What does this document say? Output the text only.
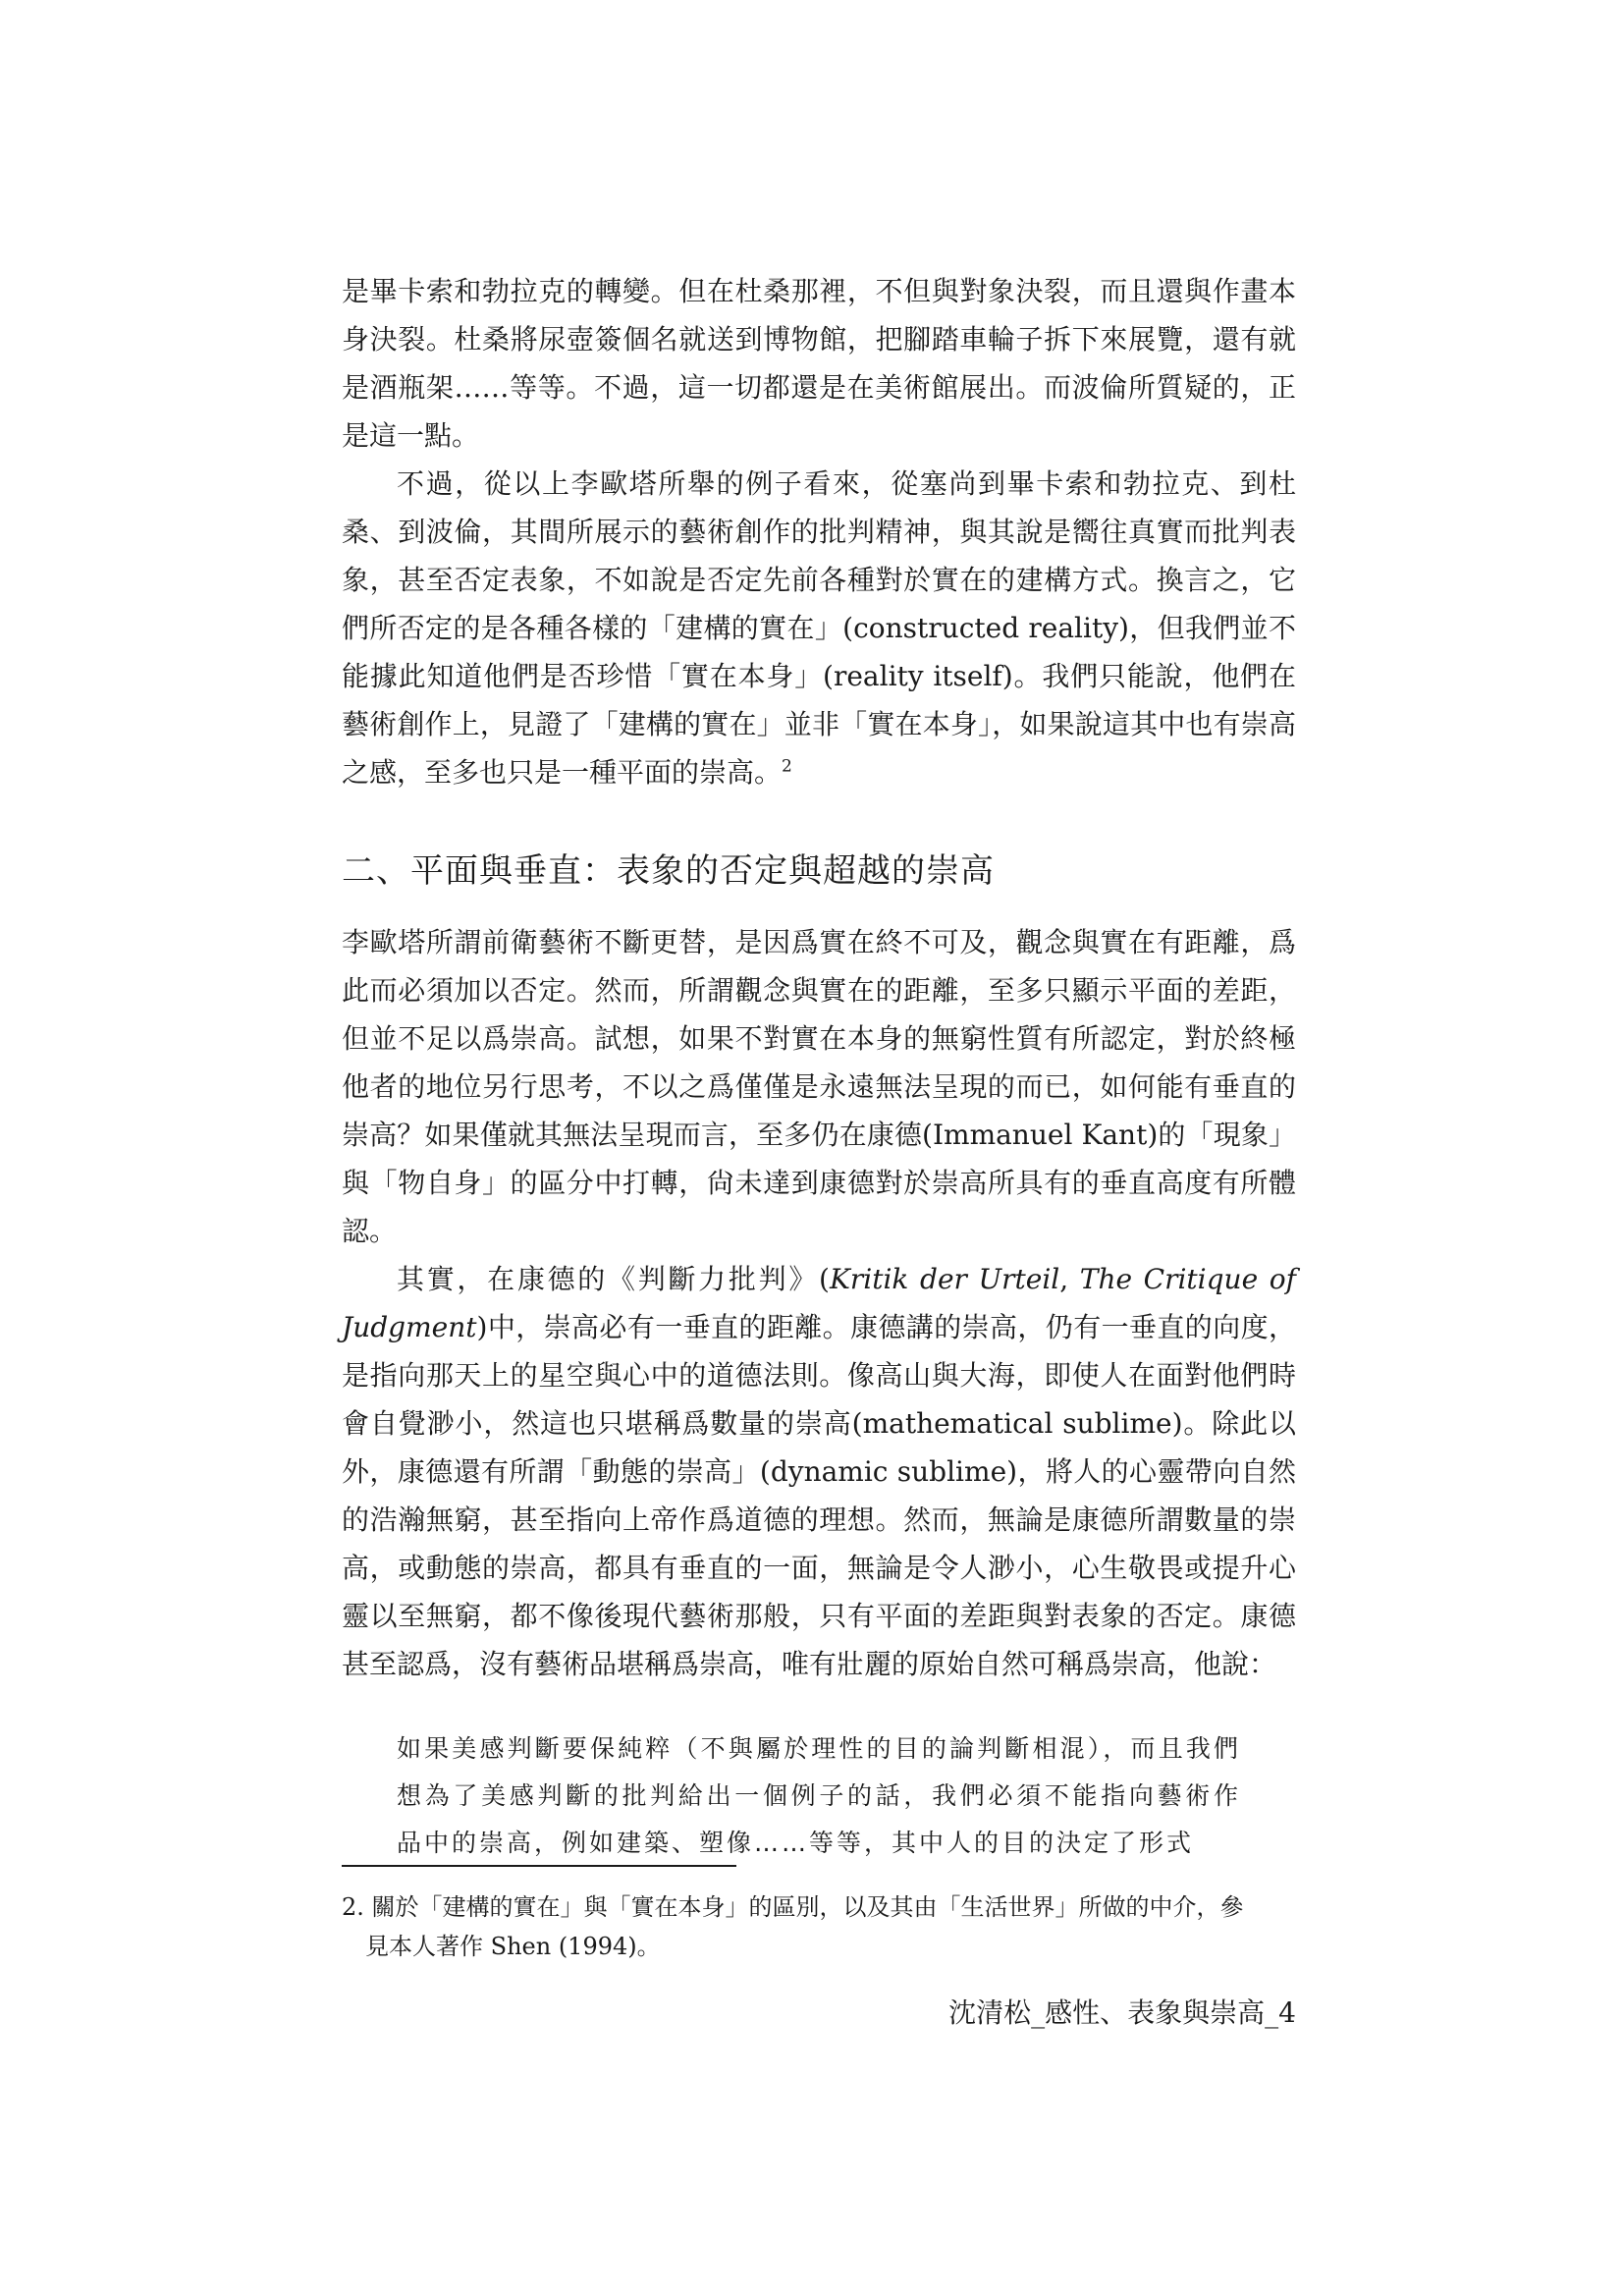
是畢卡索和勃拉克的轉變。但在杜桑那裡，不但與對象決裂，而且還與作畫本身決裂。杜桑將尿壺簽個名就送到博物館，把腳踏車輪子拆下來展覽，還有就是酒瓶架……等等。不過，這一切都還是在美術館展出。而波倫所質疑的，正是這一點。

不過，從以上李歐塔所舉的例子看來，從塞尚到畢卡索和勃拉克、到杜桑、到波倫，其間所展示的藝術創作的批判精神，與其說是嚮往真實而批判表象，甚至否定表象，不如說是否定先前各種對於實在的建構方式。換言之，它們所否定的是各種各樣的「建構的實在」(constructed reality)，但我們並不能據此知道他們是否珍惜「實在本身」(reality itself)。我們只能說，他們在藝術創作上，見證了「建構的實在」並非「實在本身」，如果說這其中也有崇高之感，至多也只是一種平面的崇高。$^2$

二、平面與垂直：表象的否定與超越的崇高

李歐塔所謂前衛藝術不斷更替，是因爲實在終不可及，觀念與實在有距離，爲此而必須加以否定。然而，所謂觀念與實在的距離，至多只顯示平面的差距，但並不足以爲崇高。試想，如果不對實在本身的無窮性質有所認定，對於終極他者的地位另行思考，不以之爲僅僅是永遠無法呈現的而已，如何能有垂直的崇高？如果僅就其無法呈現而言，至多仍在康德(Immanuel Kant)的「現象」與「物自身」的區分中打轉，尙未達到康德對於崇高所具有的垂直高度有所體認。

其實，在康德的《判斷力批判》(Kritik der Urteil, The Critique of Judgment)中，崇高必有一垂直的距離。康德講的崇高，仍有一垂直的向度，是指向那天上的星空與心中的道德法則。像高山與大海，即使人在面對他們時會自覺渺小，然這也只堪稱爲數量的崇高(mathematical sublime)。除此以外，康德還有所謂「動態的崇高」(dynamic sublime)，將人的心靈帶向自然的浩瀚無窮，甚至指向上帝作爲道德的理想。然而，無論是康德所謂數量的崇高，或動態的崇高，都具有垂直的一面，無論是令人渺小，心生敬畏或提升心靈以至無窮，都不像後現代藝術那般，只有平面的差距與對表象的否定。康德甚至認爲，沒有藝術品堪稱爲崇高，唯有壯麗的原始自然可稱爲崇高，他說：

如果美感判斷要保純粹（不與屬於理性的目的論判斷相混），而且我們想為了美感判斷的批判給出一個例子的話，我們必須不能指向藝術作品中的崇高，例如建築、塑像……等等，其中人的目的決定了形式
2. 關於「建構的實在」與「實在本身」的區別，以及其由「生活世界」所做的中介，參
見本人著作 Shen (1994)。
沈清松_感性、表象與崇高_4
